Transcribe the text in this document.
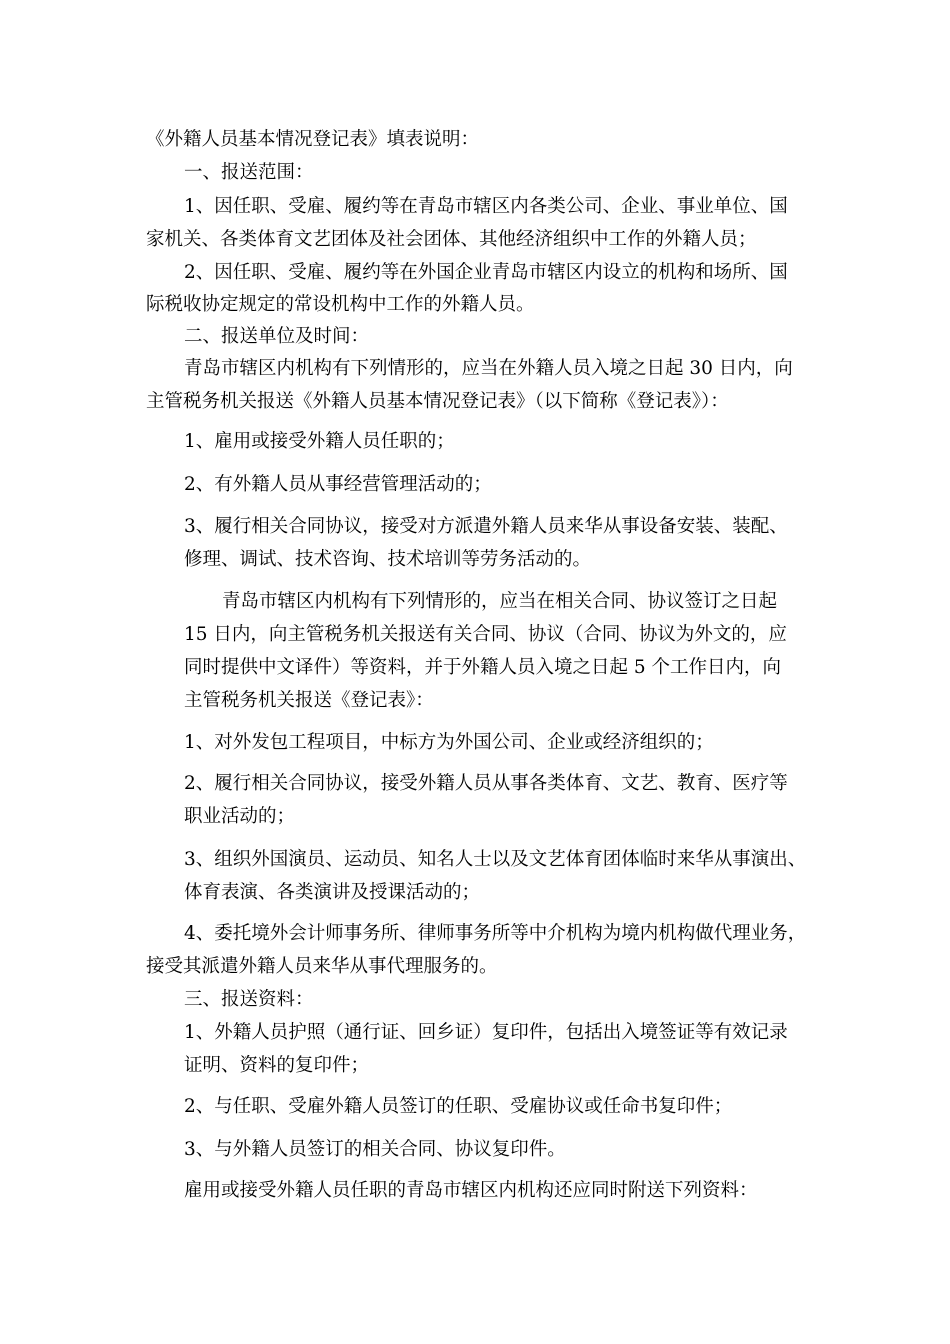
《外籍人员基本情况登记表》填表说明：

一、报送范围：

1、因任职、受雇、履约等在青岛市辖区内各类公司、企业、事业单位、国

家机关、各类体育文艺团体及社会团体、其他经济组织中工作的外籍人员；

2、因任职、受雇、履约等在外国企业青岛市辖区内设立的机构和场所、国

际税收协定规定的常设机构中工作的外籍人员。

二、报送单位及时间：

青岛市辖区内机构有下列情形的，应当在外籍人员入境之日起 30 日内，向

主管税务机关报送《外籍人员基本情况登记表》（以下简称《登记表》）：

1、雇用或接受外籍人员任职的；

2、有外籍人员从事经营管理活动的；

3、履行相关合同协议，接受对方派遣外籍人员来华从事设备安装、装配、

修理、调试、技术咨询、技术培训等劳务活动的。

青岛市辖区内机构有下列情形的，应当在相关合同、协议签订之日起

15 日内，向主管税务机关报送有关合同、协议（合同、协议为外文的，应

同时提供中文译件）等资料，并于外籍人员入境之日起 5 个工作日内，向

主管税务机关报送《登记表》：

1、对外发包工程项目，中标方为外国公司、企业或经济组织的；

2、履行相关合同协议，接受外籍人员从事各类体育、文艺、教育、医疗等

职业活动的；

3、组织外国演员、运动员、知名人士以及文艺体育团体临时来华从事演出、

体育表演、各类演讲及授课活动的；

4、委托境外会计师事务所、律师事务所等中介机构为境内机构做代理业务，

接受其派遣外籍人员来华从事代理服务的。

三、报送资料：

1、外籍人员护照（通行证、回乡证）复印件，包括出入境签证等有效记录

证明、资料的复印件；

2、与任职、受雇外籍人员签订的任职、受雇协议或任命书复印件；

3、与外籍人员签订的相关合同、协议复印件。

雇用或接受外籍人员任职的青岛市辖区内机构还应同时附送下列资料：
